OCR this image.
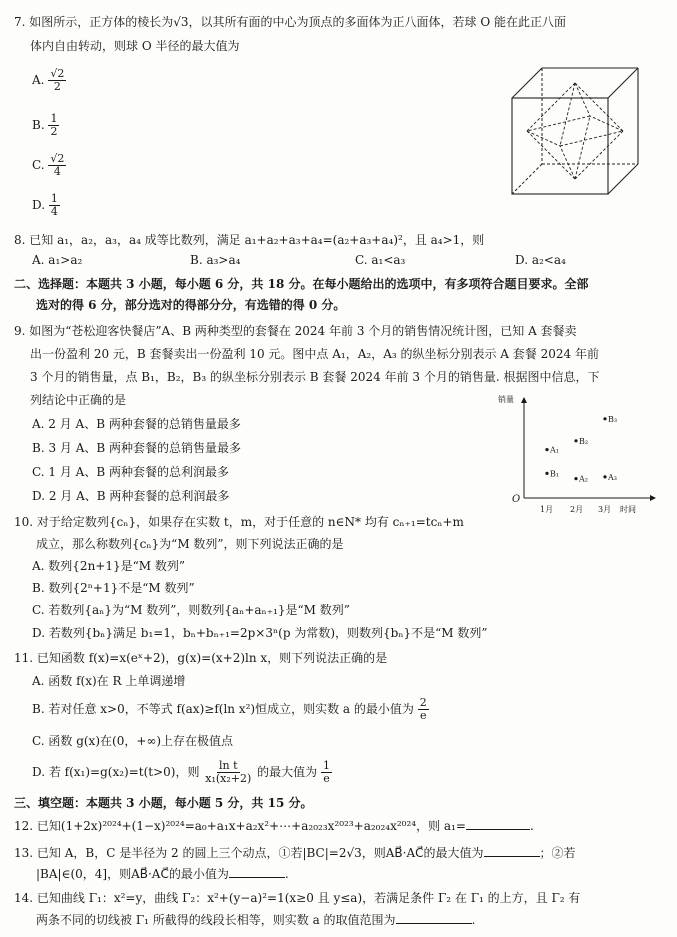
7. 如图所示，正方体的棱长为√3，以其所有面的中心为顶点的多面体为正八面体，若球 O 能在此正八面
体内自由转动，则球 O 半径的最大值为
A. $\frac{√2}{2}$
B. $\frac{1}{2}$
C. $\frac{√2}{4}$
D. $\frac{1}{4}$
8. 已知 a₁，a₂，a₃，a₄ 成等比数列，满足 a₁+a₂+a₃+a₄=(a₂+a₃+a₄)²，且 a₄>1，则
A. a₁>a₂	B. a₃>a₄	C. a₁<a₃	D. a₂<a₄
二、选择题：本题共 3 小题，每小题 6 分，共 18 分。在每小题给出的选项中，有多项符合题目要求。全部
选对的得 6 分，部分选对的得部分分，有选错的得 0 分。
9. 如图为“苍松迎客快餐店”A、B 两种类型的套餐在 2024 年前 3 个月的销售情况统计图，已知 A 套餐卖
出一份盈利 20 元，B 套餐卖出一份盈利 10 元。图中点 A₁，A₂，A₃ 的纵坐标分别表示 A 套餐 2024 年前
3 个月的销售量，点 B₁，B₂，B₃ 的纵坐标分别表示 B 套餐 2024 年前 3 个月的销售量. 根据图中信息，下
列结论中正确的是
A. 2 月 A、B 两种套餐的总销售量最多
B. 3 月 A、B 两种套餐的总销售量最多
C. 1 月 A、B 两种套餐的总利润最多
D. 2 月 A、B 两种套餐的总利润最多
销量
O
1月 2月 3月 时间
A₁
B₁
A₂
B₂
A₃
B₃
10. 对于给定数列{cₙ}，如果存在实数 t，m，对于任意的 n∈N* 均有 cₙ₊₁=tcₙ+m
成立，那么称数列{cₙ}为“M 数列”，则下列说法正确的是
A. 数列{2n+1}是“M 数列”
B. 数列{2ⁿ+1}不是“M 数列”
C. 若数列{aₙ}为“M 数列”，则数列{aₙ+aₙ₊₁}是“M 数列”
D. 若数列{bₙ}满足 b₁=1，bₙ+bₙ₊₁=2p×3ⁿ(p 为常数)，则数列{bₙ}不是“M 数列”
11. 已知函数 f(x)=x(eˣ+2)，g(x)=(x+2)ln x，则下列说法正确的是
A. 函数 f(x)在 R 上单调递增
B. 若对任意 x>0，不等式 f(ax)≥f(ln x²)恒成立，则实数 a 的最小值为 $\frac{2}{e}$
C. 函数 g(x)在(0，+∞)上存在极值点
D. 若 f(x₁)=g(x₂)=t(t>0)，则 $\frac{\text{ln t}}{\text{x₁(x₂+2)}}$ 的最大值为 $\frac{1}{e}$
三、填空题：本题共 3 小题，每小题 5 分，共 15 分。
12. 已知(1+2x)²⁰²⁴+(1−x)²⁰²⁴=a₀+a₁x+a₂x²+⋯+a₂₀₂₃x²⁰²³+a₂₀₂₄x²⁰²⁴，则 a₁=	.
13. 已知 A，B，C 是半径为 2 的圆上三个动点，①若|BC|=2√3，则AB⃗·AC⃗的最大值为	；②若
|BA|∈(0，4]，则AB⃗·AC⃗的最小值为	.
14. 已知曲线 Γ₁：x²=y，曲线 Γ₂：x²+(y−a)²=1(x≥0 且 y≤a)，若满足条件 Γ₂ 在 Γ₁ 的上方，且 Γ₂ 有
两条不同的切线被 Γ₁ 所截得的线段长相等，则实数 a 的取值范围为	.
